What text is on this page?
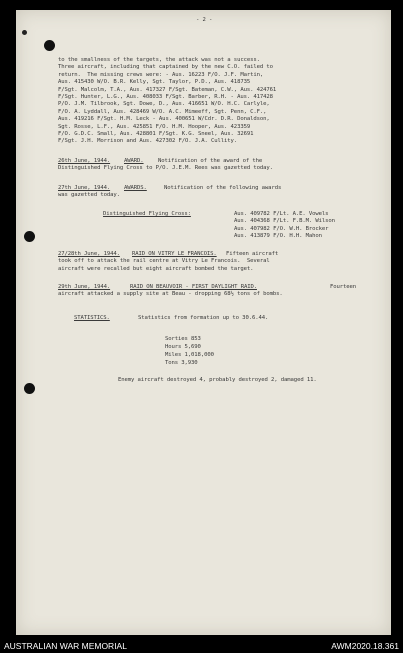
- 2 -
to the smallness of the targets, the attack was not a success.
Three aircraft, including that captained by the new C.O. failed to
return.  The missing crews were: - Aus. 16223 F/O. J.F. Martin,
Aus. 415430 W/O. B.R. Kelly, Sgt. Taylor, P.D., Aus. 418735
F/Sgt. Malcolm, T.A., Aus. 417327 F/Sgt. Bateman, C.W., Aus. 424761
F/Sgt. Hunter, L.G., Aus. 408033 F/Sgt. Barber, R.H. - Aus. 417428
P/O. J.M. Tilbrook, Sgt. Dowe, D., Aus. 416651 W/O. H.C. Carlyle,
F/O. A. Lyddall, Aus. 428469 W/O. A.C. Mimeeff, Sgt. Penn, C.F.,
Aus. 419216 F/Sgt. H.M. Leck - Aus. 400651 W/Cdr. D.R. Donaldson,
Sgt. Rosse, L.F., Aus. 425851 F/O. H.M. Hooper, Aus. 423359
F/O. G.D.C. Small, Aus. 428801 F/Sgt. K.G. Sneel, Aus. 32691
F/Sgt. J.H. Morrison and Aus. 427302 F/O. J.A. Cullity.
26th June, 1944.	AWARD.	Notification of the award of the
Distinguished Flying Cross to P/O. J.E.M. Rees was gazetted today.
27th June, 1944.	AWARDS.	Notification of the following awards
was gazetted today.
Distinguished Flying Cross:	Aus. 409782 F/Lt. A.E. Vowels
Aus. 404368 F/Lt. F.B.M. Wilson
Aus. 407982 F/O. W.H. Brocker
Aus. 413879 F/O. H.H. Mahon
27/28th June, 1944.	RAID ON VITRY LE FRANCOIS.	Fifteen aircraft
took off to attack the rail centre at Vitry Le Francois.  Several
aircraft were recalled but eight aircraft bombed the target.
29th June, 1944.	RAID ON BEAUVOIR - FIRST DAYLIGHT RAID.	Fourteen
aircraft attacked a supply site at Beau - dropping 68½ tons of bombs.
STATISTICS.	Statistics from formation up to 30.6.44.
Sorties 853
Hours 5,690
Miles 1,018,000
Tons 3,930
Enemy aircraft destroyed 4, probably destroyed 2, damaged 11.
AUSTRALIAN WAR MEMORIAL	AWM2020.18.361
